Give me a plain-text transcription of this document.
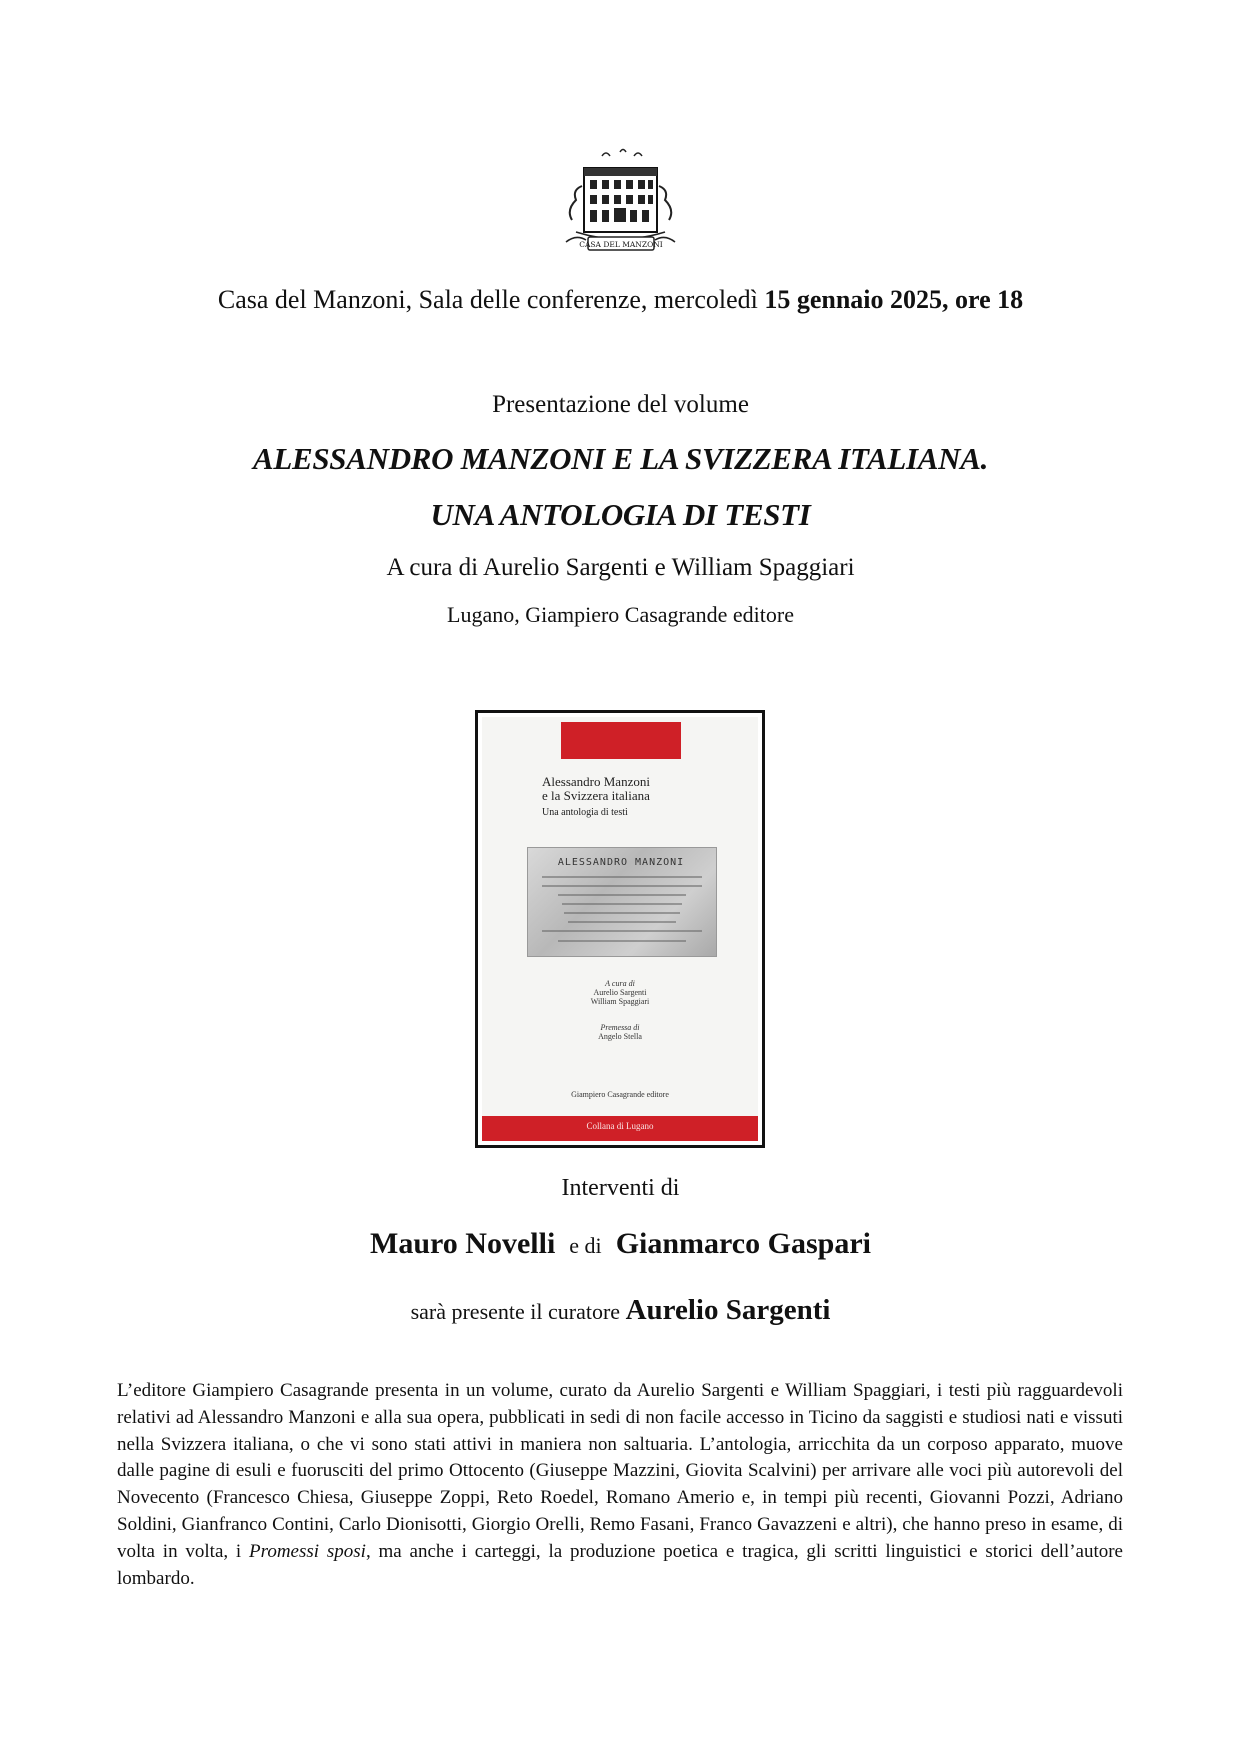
CASA DEL MANZONI
Casa del Manzoni, Sala delle conferenze, mercoledì 15 gennaio 2025, ore 18
Presentazione del volume
ALESSANDRO MANZONI E LA SVIZZERA ITALIANA.
UNA ANTOLOGIA DI TESTI
A cura di Aurelio Sargenti e William Spaggiari
Lugano, Giampiero Casagrande editore
Alessandro Manzoni
e la Svizzera italiana
Una antologia di testi
ALESSANDRO MANZONI
A cura di
Aurelio Sargenti
William Spaggiari
Premessa di
Angelo Stella
Giampiero Casagrande editore
Collana di Lugano
Interventi di
Mauro Novelli e di Gianmarco Gaspari
sarà presente il curatore Aurelio Sargenti

L’editore Giampiero Casagrande presenta in un volume, curato da Aurelio Sargenti e William Spaggiari, i testi più ragguardevoli relativi ad Alessandro Manzoni e alla sua opera, pubblicati in sedi di non facile accesso in Ticino da saggisti e studiosi nati e vissuti nella Svizzera italiana, o che vi sono stati attivi in maniera non saltuaria. L’antologia, arricchita da un corposo apparato, muove dalle pagine di esuli e fuorusciti del primo Ottocento (Giuseppe Mazzini, Giovita Scalvini) per arrivare alle voci più autorevoli del Novecento (Francesco Chiesa, Giuseppe Zoppi, Reto Roedel, Romano Amerio e, in tempi più recenti, Giovanni Pozzi, Adriano Soldini, Gianfranco Contini, Carlo Dionisotti, Giorgio Orelli, Remo Fasani, Franco Gavazzeni e altri), che hanno preso in esame, di volta in volta, i Promessi sposi, ma anche i carteggi, la produzione poetica e tragica, gli scritti linguistici e storici dell’autore lombardo.
